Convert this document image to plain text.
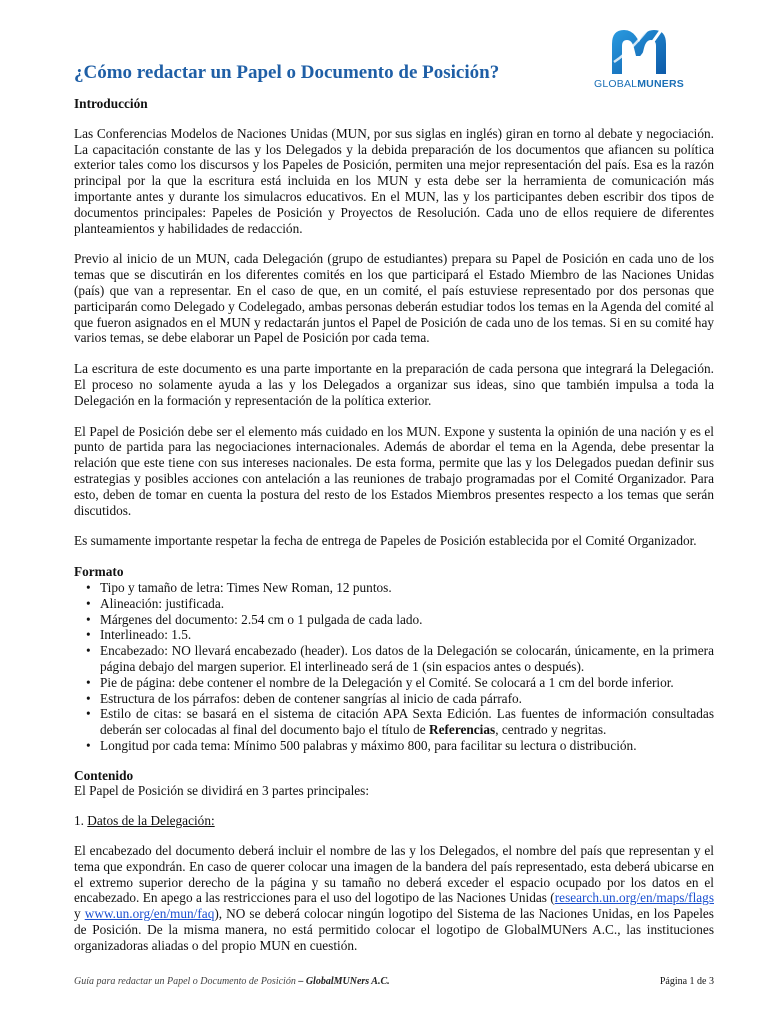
GLOBALMUNERS
¿Cómo redactar un Papel o Documento de Posición?
Introducción

Las Conferencias Modelos de Naciones Unidas (MUN, por sus siglas en inglés) giran en torno al debate y negociación. La capacitación constante de las y los Delegados y la debida preparación de los documentos que afiancen su política exterior tales como los discursos y los Papeles de Posición, permiten una mejor representación del país. Esa es la razón principal por la que la escritura está incluida en los MUN y esta debe ser la herramienta de comunicación más importante antes y durante los simulacros educativos. En el MUN, las y los participantes deben escribir dos tipos de documentos principales: Papeles de Posición y Proyectos de Resolución. Cada uno de ellos requiere de diferentes planteamientos y habilidades de redacción.

Previo al inicio de un MUN, cada Delegación (grupo de estudiantes) prepara su Papel de Posición en cada uno de los temas que se discutirán en los diferentes comités en los que participará el Estado Miembro de las Naciones Unidas (país) que van a representar. En el caso de que, en un comité, el país estuviese representado por dos personas que participarán como Delegado y Codelegado, ambas personas deberán estudiar todos los temas en la Agenda del comité al que fueron asignados en el MUN y redactarán juntos el Papel de Posición de cada uno de los temas. Si en su comité hay varios temas, se debe elaborar un Papel de Posición por cada tema.

La escritura de este documento es una parte importante en la preparación de cada persona que integrará la Delegación. El proceso no solamente ayuda a las y los Delegados a organizar sus ideas, sino que también impulsa a toda la Delegación en la formación y representación de la política exterior.

El Papel de Posición debe ser el elemento más cuidado en los MUN. Expone y sustenta la opinión de una nación y es el punto de partida para las negociaciones internacionales. Además de abordar el tema en la Agenda, debe presentar la relación que este tiene con sus intereses nacionales. De esta forma, permite que las y los Delegados puedan definir sus estrategias y posibles acciones con antelación a las reuniones de trabajo programadas por el Comité Organizador. Para esto, deben de tomar en cuenta la postura del resto de los Estados Miembros presentes respecto a los temas que serán discutidos.

Es sumamente importante respetar la fecha de entrega de Papeles de Posición establecida por el Comité Organizador.

Formato
• Tipo y tamaño de letra: Times New Roman, 12 puntos.
• Alineación: justificada.
• Márgenes del documento: 2.54 cm o 1 pulgada de cada lado.
• Interlineado: 1.5.
• Encabezado: NO llevará encabezado (header). Los datos de la Delegación se colocarán, únicamente, en la primera página debajo del margen superior. El interlineado será de 1 (sin espacios antes o después).
• Pie de página: debe contener el nombre de la Delegación y el Comité. Se colocará a 1 cm del borde inferior.
• Estructura de los párrafos: deben de contener sangrías al inicio de cada párrafo.
• Estilo de citas: se basará en el sistema de citación APA Sexta Edición. Las fuentes de información consultadas deberán ser colocadas al final del documento bajo el título de Referencias, centrado y negritas.
• Longitud por cada tema: Mínimo 500 palabras y máximo 800, para facilitar su lectura o distribución.
Contenido

El Papel de Posición se dividirá en 3 partes principales:

1. Datos de la Delegación:

El encabezado del documento deberá incluir el nombre de las y los Delegados, el nombre del país que representan y el tema que expondrán. En caso de querer colocar una imagen de la bandera del país representado, esta deberá ubicarse en el extremo superior derecho de la página y su tamaño no deberá exceder el espacio ocupado por los datos en el encabezado. En apego a las restricciones para el uso del logotipo de las Naciones Unidas (research.un.org/en/maps/flags y www.un.org/en/mun/faq), NO se deberá colocar ningún logotipo del Sistema de las Naciones Unidas, en los Papeles de Posición. De la misma manera, no está permitido colocar el logotipo de GlobalMUNers A.C., las instituciones organizadoras aliadas o del propio MUN en cuestión.

Guía para redactar un Papel o Documento de Posición – GlobalMUNers A.C.	Página 1 de 3
